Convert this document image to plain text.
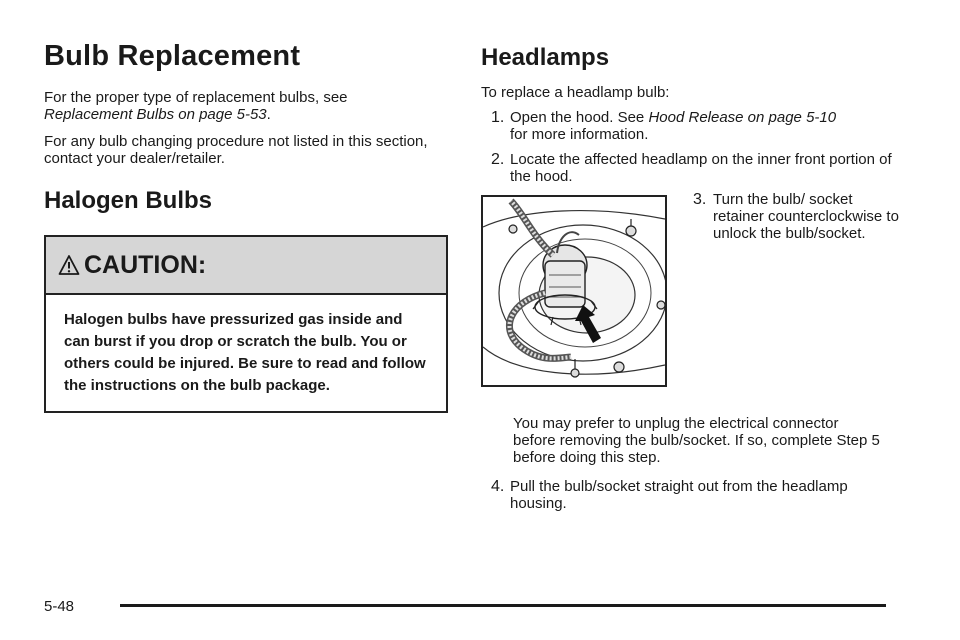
Bulb Replacement

For the proper type of replacement bulbs, see
Replacement Bulbs on page 5-53.

For any bulb changing procedure not listed in this section, contact your dealer/retailer.

Halogen Bulbs
CAUTION:
Halogen bulbs have pressurized gas inside and can burst if you drop or scratch the bulb. You or others could be injured. Be sure to read and follow the instructions on the bulb package.
Headlamps

To replace a headlamp bulb:

1. Open the hood. See Hood Release on page 5-10
for more information.

2. Locate the affected headlamp on the inner front portion of the hood.

3. Turn the bulb/ socket retainer counterclockwise to unlock the bulb/socket.

You may prefer to unplug the electrical connector before removing the bulb/socket. If so, complete Step 5 before doing this step.

4. Pull the bulb/socket straight out from the headlamp housing.

5-48
